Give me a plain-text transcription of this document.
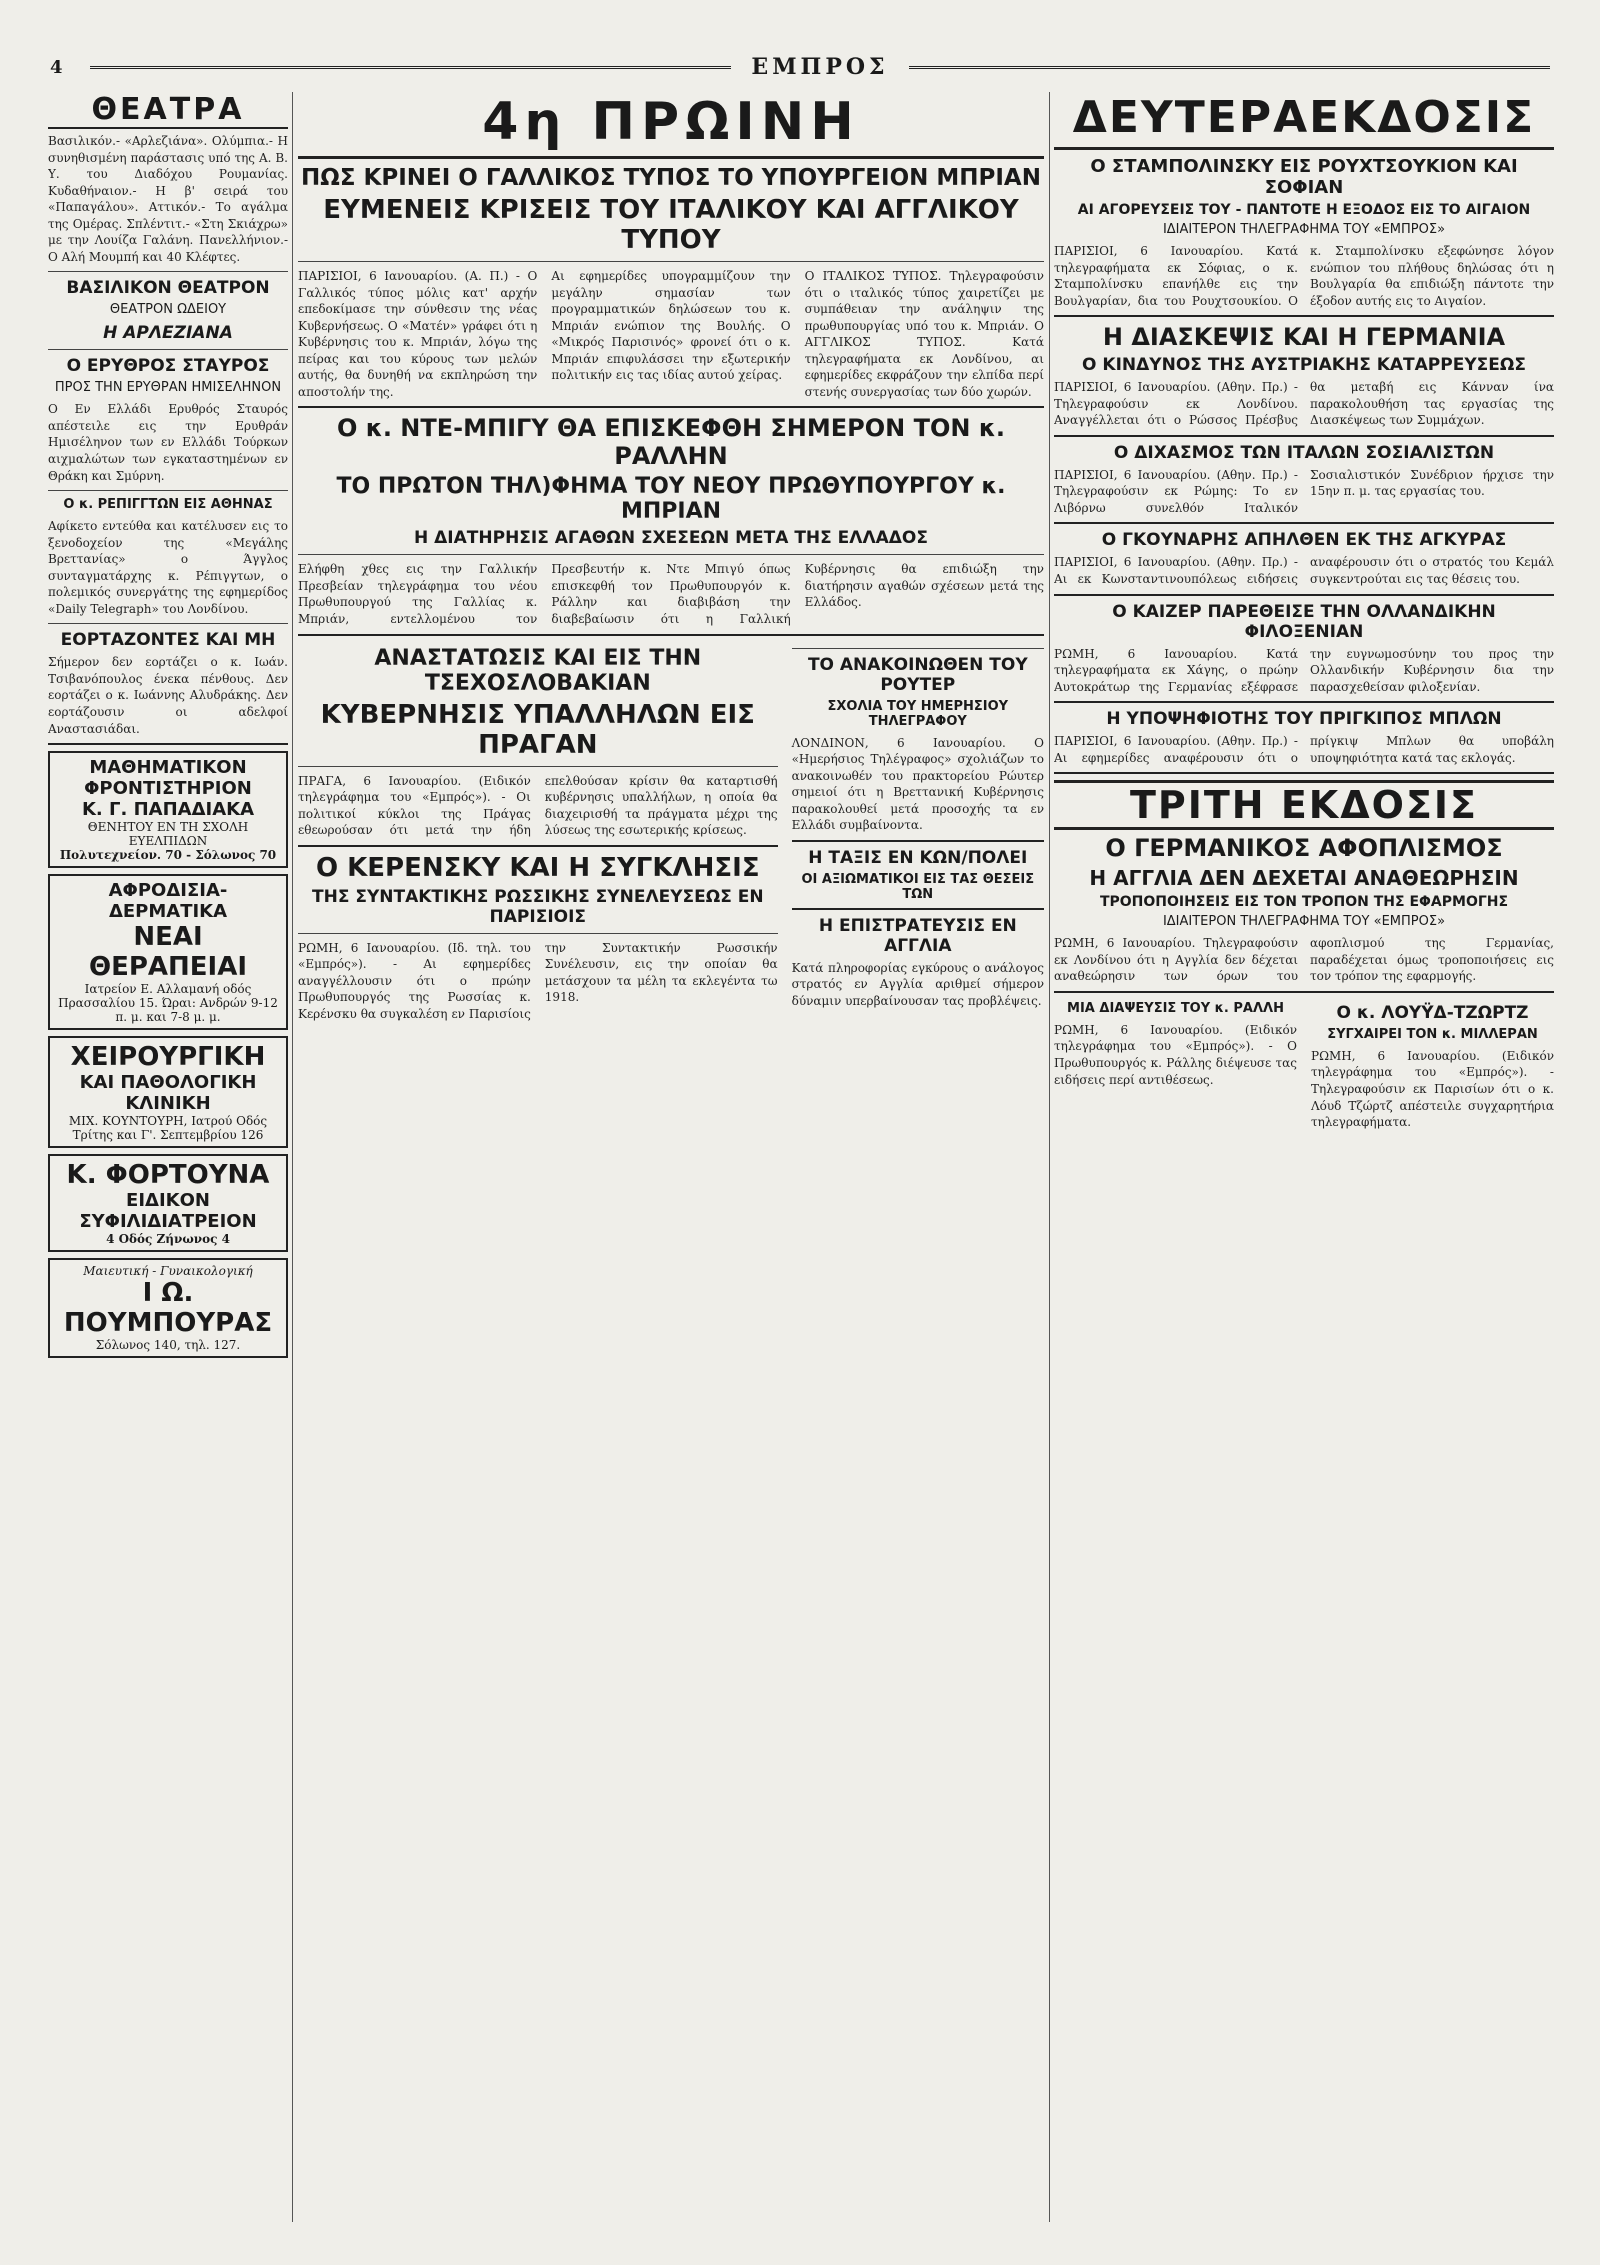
4	ΕΜΠΡΟΣ
ΘΕΑΤΡΑ
Βασιλικόν.- «Αρλεζιάνα». Ολύμπια.- Η συνηθισμένη παράστασις υπό της Α. Β. Υ. του Διαδόχου Ρουμανίας. Κυδαθήναιον.- Η β' σειρά του «Παπαγάλου». Αττικόν.- Το αγάλμα της Ομέρας. Σπλέντιτ.- «Στη Σκιάχρω» με την Λουίζα Γαλάνη. Πανελλήνιον.- Ο Αλή Μουμπή και 40 Κλέφτες.
ΒΑΣΙΛΙΚΟΝ ΘΕΑΤΡΟΝ
ΘΕΑΤΡΟΝ ΩΔΕΙΟΥ
Η ΑΡΛΕΖΙΑΝΑ
Ο ΕΡΥΘΡΟΣ ΣΤΑΥΡΟΣ
ΠΡΟΣ ΤΗΝ ΕΡΥΘΡΑΝ ΗΜΙΣΕΛΗΝΟΝ
Ο Εν Ελλάδι Ερυθρός Σταυρός απέστειλε εις την Ερυθράν Ημισέληνον των εν Ελλάδι Τούρκων αιχμαλώτων των εγκαταστημένων εν Θράκη και Σμύρνη.
Ο κ. ΡΕΠΙΓΓΤΩΝ ΕΙΣ ΑΘΗΝΑΣ
Αφίκετο εντεύθα και κατέλυσεν εις το ξενοδοχείον της «Μεγάλης Βρεττανίας» ο Άγγλος συνταγματάρχης κ. Ρέπιγγτων, ο πολεμικός συνεργάτης της εφημερίδος «Daily Telegraph» του Λονδίνου.
ΕΟΡΤΑΖΟΝΤΕΣ ΚΑΙ ΜΗ
Σήμερον δεν εορτάζει ο κ. Ιωάν. Τσιβανόπουλος ένεκα πένθους. Δεν εορτάζει ο κ. Ιωάννης Αλυδράκης. Δεν εορτάζουσιν οι αδελφοί Αναστασιάδαι.
ΜΑΘΗΜΑΤΙΚΟΝ ΦΡΟΝΤΙΣΤΗΡΙΟΝ
Κ. Γ. ΠΑΠΑΔΙΑΚΑ
ΘΕΝΗΤΟΥ ΕΝ ΤΗ ΣΧΟΛΗ ΕΥΕΛΠΙΔΩΝ
Πολυτεχνείον. 70 - Σόλωνος 70
ΑΦΡΟΔΙΣΙΑ-ΔΕΡΜΑΤΙΚΑ
ΝΕΑΙ ΘΕΡΑΠΕΙΑΙ
Ιατρείον Ε. Αλλαμανή οδός Πρασσαλίου 15. Ώραι: Ανδρών 9-12 π. μ. και 7-8 μ. μ.
ΧΕΙΡΟΥΡΓΙΚΗ
ΚΑΙ ΠΑΘΟΛΟΓΙΚΗ ΚΛΙΝΙΚΗ
ΜΙΧ. ΚΟΥΝΤΟΥΡΗ, Ιατρού Οδός Τρίτης και Γ'. Σεπτεμβρίου 126
Κ. ΦΟΡΤΟΥΝΑ
ΕΙΔΙΚΟΝ ΣΥΦΙΛΙΔΙΑΤΡΕΙΟΝ
4 Οδός Ζήνωνος 4
Μαιευτική - Γυναικολογική
Ι Ω. ΠΟΥΜΠΟΥΡΑΣ
Σόλωνος 140, τηλ. 127.
4η ΠΡΩΙΝΗ
ΠΩΣ ΚΡΙΝΕΙ Ο ΓΑΛΛΙΚΟΣ ΤΥΠΟΣ ΤΟ ΥΠΟΥΡΓΕΙΟΝ ΜΠΡΙΑΝ
ΕΥΜΕΝΕΙΣ ΚΡΙΣΕΙΣ ΤΟΥ ΙΤΑΛΙΚΟΥ ΚΑΙ ΑΓΓΛΙΚΟΥ ΤΥΠΟΥ
ΠΑΡΙΣΙΟΙ, 6 Ιανουαρίου. (Α. Π.) - Ο Γαλλικός τύπος μόλις κατ' αρχήν επεδοκίμασε την σύνθεσιν της νέας Κυβερνήσεως. Ο «Ματέν» γράφει ότι η Κυβέρνησις του κ. Μπριάν, λόγω της πείρας και του κύρους των μελών αυτής, θα δυνηθή να εκπληρώση την αποστολήν της.
Αι εφημερίδες υπογραμμίζουν την μεγάλην σημασίαν των προγραμματικών δηλώσεων του κ. Μπριάν ενώπιον της Βουλής. Ο «Μικρός Παρισινός» φρονεί ότι ο κ. Μπριάν επιφυλάσσει την εξωτερικήν πολιτικήν εις τας ιδίας αυτού χείρας.
Ο ΙΤΑΛΙΚΟΣ ΤΥΠΟΣ. Τηλεγραφούσιν ότι ο ιταλικός τύπος χαιρετίζει με συμπάθειαν την ανάληψιν της πρωθυπουργίας υπό του κ. Μπριάν. Ο ΑΓΓΛΙΚΟΣ ΤΥΠΟΣ. Κατά τηλεγραφήματα εκ Λονδίνου, αι εφημερίδες εκφράζουν την ελπίδα περί στενής συνεργασίας των δύο χωρών.
Ο κ. ΝΤΕ-ΜΠΙΓΥ ΘΑ ΕΠΙΣΚΕΦΘΗ ΣΗΜΕΡΟΝ ΤΟΝ κ. ΡΑΛΛΗΝ
ΤΟ ΠΡΩΤΟΝ ΤΗΛ)ΦΗΜΑ ΤΟΥ ΝΕΟΥ ΠΡΩΘΥΠΟΥΡΓΟΥ κ. ΜΠΡΙΑΝ
Η ΔΙΑΤΗΡΗΣΙΣ ΑΓΑΘΩΝ ΣΧΕΣΕΩΝ ΜΕΤΑ ΤΗΣ ΕΛΛΑΔΟΣ
Ελήφθη χθες εις την Γαλλικήν Πρεσβείαν τηλεγράφημα του νέου Πρωθυπουργού της Γαλλίας κ. Μπριάν, εντελλομένου τον Πρεσβευτήν κ. Ντε Μπιγύ όπως επισκεφθή τον Πρωθυπουργόν κ. Ράλλην και διαβιβάση την διαβεβαίωσιν ότι η Γαλλική Κυβέρνησις θα επιδιώξη την διατήρησιν αγαθών σχέσεων μετά της Ελλάδος.
ΑΝΑΣΤΑΤΩΣΙΣ ΚΑΙ ΕΙΣ ΤΗΝ ΤΣΕΧΟΣΛΟΒΑΚΙΑΝ
ΚΥΒΕΡΝΗΣΙΣ ΥΠΑΛΛΗΛΩΝ ΕΙΣ ΠΡΑΓΑΝ
ΠΡΑΓΑ, 6 Ιανουαρίου. (Ειδικόν τηλεγράφημα του «Εμπρός»). - Οι πολιτικοί κύκλοι της Πράγας εθεωρούσαν ότι μετά την ήδη επελθούσαν κρίσιν θα καταρτισθή κυβέρνησις υπαλλήλων, η οποία θα διαχειρισθή τα πράγματα μέχρι της λύσεως της εσωτερικής κρίσεως.
Ο ΚΕΡΕΝΣΚΥ ΚΑΙ Η ΣΥΓΚΛΗΣΙΣ
ΤΗΣ ΣΥΝΤΑΚΤΙΚΗΣ ΡΩΣΣΙΚΗΣ ΣΥΝΕΛΕΥΣΕΩΣ ΕΝ ΠΑΡΙΣΙΟΙΣ
ΡΩΜΗ, 6 Ιανουαρίου. (Ιδ. τηλ. του «Εμπρός»). - Αι εφημερίδες αναγγέλλουσιν ότι ο πρώην Πρωθυπουργός της Ρωσσίας κ. Κερένσκυ θα συγκαλέση εν Παρισίοις την Συντακτικήν Ρωσσικήν Συνέλευσιν, εις την οποίαν θα μετάσχουν τα μέλη τα εκλεγέντα τω 1918.
ΤΟ ΑΝΑΚΟΙΝΩΘΕΝ ΤΟΥ ΡΟΥΤΕΡ
ΣΧΟΛΙΑ ΤΟΥ ΗΜΕΡΗΣΙΟΥ ΤΗΛΕΓΡΑΦΟΥ
ΛΟΝΔΙΝΟΝ, 6 Ιανουαρίου. Ο «Ημερήσιος Τηλέγραφος» σχολιάζων το ανακοινωθέν του πρακτορείου Ρώυτερ σημειοί ότι η Βρεττανική Κυβέρνησις παρακολουθεί μετά προσοχής τα εν Ελλάδι συμβαίνοντα.
Η ΤΑΞΙΣ ΕΝ ΚΩΝ/ΠΟΛΕΙ
ΟΙ ΑΞΙΩΜΑΤΙΚΟΙ ΕΙΣ ΤΑΣ ΘΕΣΕΙΣ ΤΩΝ
Η ΕΠΙΣΤΡΑΤΕΥΣΙΣ ΕΝ ΑΓΓΛΙΑ
Κατά πληροφορίας εγκύρους ο ανάλογος στρατός εν Αγγλία αριθμεί σήμερον δύναμιν υπερβαίνουσαν τας προβλέψεις.
ΔΕΥΤΕΡΑΕΚΔΟΣΙΣ
Ο ΣΤΑΜΠΟΛΙΝΣΚΥ ΕΙΣ ΡΟΥΧΤΣΟΥΚΙΟΝ ΚΑΙ ΣΟΦΙΑΝ
ΑΙ ΑΓΟΡΕΥΣΕΙΣ ΤΟΥ - ΠΑΝΤΟΤΕ Η ΕΞΟΔΟΣ ΕΙΣ ΤΟ ΑΙΓΑΙΟΝ
ΙΔΙΑΙΤΕΡΟΝ ΤΗΛΕΓΡΑΦΗΜΑ ΤΟΥ «ΕΜΠΡΟΣ»
ΠΑΡΙΣΙΟΙ, 6 Ιανουαρίου. Κατά τηλεγραφήματα εκ Σόφιας, ο κ. Σταμπολίνσκυ επανήλθε εις την Βουλγαρίαν, δια του Ρουχτσουκίου. Ο κ. Σταμπολίνσκυ εξεφώνησε λόγον ενώπιον του πλήθους δηλώσας ότι η Βουλγαρία θα επιδιώξη πάντοτε την έξοδον αυτής εις το Αιγαίον.
Η ΔΙΑΣΚΕΨΙΣ ΚΑΙ Η ΓΕΡΜΑΝΙΑ
Ο ΚΙΝΔΥΝΟΣ ΤΗΣ ΑΥΣΤΡΙΑΚΗΣ ΚΑΤΑΡΡΕΥΣΕΩΣ
ΠΑΡΙΣΙΟΙ, 6 Ιανουαρίου. (Αθην. Πρ.) - Τηλεγραφούσιν εκ Λονδίνου. Αναγγέλλεται ότι ο Ρώσσος Πρέσβυς θα μεταβή εις Κάνναν ίνα παρακολουθήση τας εργασίας της Διασκέψεως των Συμμάχων.
Ο ΔΙΧΑΣΜΟΣ ΤΩΝ ΙΤΑΛΩΝ ΣΟΣΙΑΛΙΣΤΩΝ
ΠΑΡΙΣΙΟΙ, 6 Ιανουαρίου. (Αθην. Πρ.) - Τηλεγραφούσιν εκ Ρώμης: Το εν Λιβόρνω συνελθόν Ιταλικόν Σοσιαλιστικόν Συνέδριον ήρχισε την 15ην π. μ. τας εργασίας του.
Ο ΓΚΟΥΝΑΡΗΣ ΑΠΗΛΘΕΝ ΕΚ ΤΗΣ ΑΓΚΥΡΑΣ
ΠΑΡΙΣΙΟΙ, 6 Ιανουαρίου. (Αθην. Πρ.) - Αι εκ Κωνσταντινουπόλεως ειδήσεις αναφέρουσιν ότι ο στρατός του Κεμάλ συγκεντρούται εις τας θέσεις του.
Ο ΚΑΙΖΕΡ ΠΑΡΕΘΕΙΣΕ ΤΗΝ ΟΛΛΑΝΔΙΚΗΝ ΦΙΛΟΞΕΝΙΑΝ
ΡΩΜΗ, 6 Ιανουαρίου. Κατά τηλεγραφήματα εκ Χάγης, ο πρώην Αυτοκράτωρ της Γερμανίας εξέφρασε την ευγνωμοσύνην του προς την Ολλανδικήν Κυβέρνησιν δια την παρασχεθείσαν φιλοξενίαν.
Η ΥΠΟΨΗΦΙΟΤΗΣ ΤΟΥ ΠΡΙΓΚΙΠΟΣ ΜΠΛΩΝ
ΠΑΡΙΣΙΟΙ, 6 Ιανουαρίου. (Αθην. Πρ.) - Αι εφημερίδες αναφέρουσιν ότι ο πρίγκιψ Μπλων θα υποβάλη υποψηφιότητα κατά τας εκλογάς.
ΤΡΙΤΗ ΕΚΔΟΣΙΣ
Ο ΓΕΡΜΑΝΙΚΟΣ ΑΦΟΠΛΙΣΜΟΣ
Η ΑΓΓΛΙΑ ΔΕΝ ΔΕΧΕΤΑΙ ΑΝΑΘΕΩΡΗΣΙΝ
ΤΡΟΠΟΠΟΙΗΣΕΙΣ ΕΙΣ ΤΟΝ ΤΡΟΠΟΝ ΤΗΣ ΕΦΑΡΜΟΓΗΣ
ΙΔΙΑΙΤΕΡΟΝ ΤΗΛΕΓΡΑΦΗΜΑ ΤΟΥ «ΕΜΠΡΟΣ»
ΡΩΜΗ, 6 Ιανουαρίου. Τηλεγραφούσιν εκ Λονδίνου ότι η Αγγλία δεν δέχεται αναθεώρησιν των όρων του αφοπλισμού της Γερμανίας, παραδέχεται όμως τροποποιήσεις εις τον τρόπον της εφαρμογής.
ΜΙΑ ΔΙΑΨΕΥΣΙΣ ΤΟΥ κ. ΡΑΛΛΗ
ΡΩΜΗ, 6 Ιανουαρίου. (Ειδικόν τηλεγράφημα του «Εμπρός»). - Ο Πρωθυπουργός κ. Ράλλης διέψευσε τας ειδήσεις περί αντιθέσεως.
Ο κ. ΛΟΥΫΔ-ΤΖΩΡΤΖ
ΣΥΓΧΑΙΡΕΙ ΤΟΝ κ. ΜΙΛΛΕΡΑΝ
ΡΩΜΗ, 6 Ιανουαρίου. (Ειδικόν τηλεγράφημα του «Εμπρός»). - Τηλεγραφούσιν εκ Παρισίων ότι ο κ. Λόυδ Τζώρτζ απέστειλε συγχαρητήρια τηλεγραφήματα.
